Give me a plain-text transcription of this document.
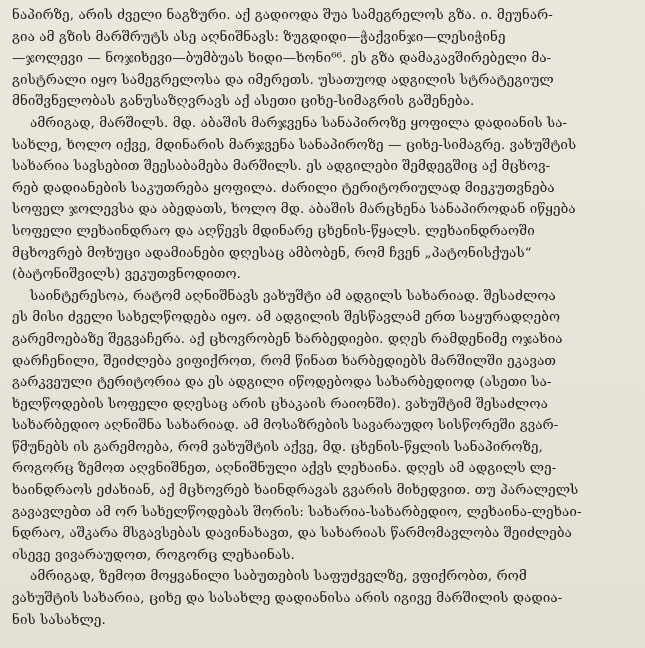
ნაპირზე, არის ძველი ნაგზური. აქ გადიოდა შუა სამეგრელოს გზა. ი. მეუნარ-
გია ამ გზის მარშრუტს ასე აღნიშნავს: ზუგდიდი—ჭაქვინჯი—ლესიჭინე
—ჯოლევი — ნოჯიხევი—ბუმბუას ხიდი—ხონი⁶⁶. ეს გზა დამაკავშირებელი მა-
გისტრალი იყო სამეგრელოსა და იმერეთს. უსათუოდ ადგილის სტრატეგიულ
მნიშვნელობას განუსაზღვრავს აქ ასეთი ციხე-სიმაგრის გაშენება.
ამრიგად, მარშილს. მდ. აბაშის მარჯვენა სანაპიროზე ყოფილა დადიანის სა-
სახლე, ხოლო იქვე, მდინარის მარჯვენა სანაპიროზე — ციხე-სიმაგრე. ვახუშტის
სახარია სავსებით შეესაბამება მარშილს. ეს ადგილები შემდეგშიც აქ მცხოვ-
რებ დადიანების საკუთრება ყოფილა. ძარილი ტერიტორიულად მიეკუთვნება
სოფელ ჯოლევსა და აბედათს, ხოლო მდ. აბაშის მარცხენა სანაპიროდან იწყება
სოფელი ლეხაინდრაო და აღწევს მდინარე ცხენის-წყალს. ლეხაინდრაოში
მცხოვრებ მოხუცი ადამიანები დღესაც ამბობენ, რომ ჩვენ „პატონისქუას“
(ბატონიშვილს) ვეკუთვნოდითო.
საინტერესოა, რატომ აღნიშნავს ვახუშტი ამ ადგილს სახარიად. შესაძლოა
ეს მისი ძველი სახელწოდება იყო. ამ ადგილის შესწავლამ ერთ საყურადღებო
გარემოებაზე შეგვაჩერა. აქ ცხოვრობენ ხარბედიები. დღეს რამდენიმე ოჯახია
დარჩენილი, შეიძლება ვიფიქროთ, რომ წინათ ხარბედიებს მარშილში ეკავათ
გარკვეული ტერიტორია და ეს ადგილი იწოდებოდა სახარბედიოდ (ასეთი სა-
ხელწოდების სოფელი დღესაც არის ცხაკაის რაიონში). ვახუშტიმ შესაძლოა
სახარბედიო აღნიშნა სახარიად. ამ მოსაზრების სავარაუდო სისწორეში გვარ-
წმუნებს ის გარემოება, რომ ვახუშტის აქვე, მდ. ცხენის-წყლის სანაპიროზე,
როგორც ზემოთ აღვნიშნეთ, აღნიშნული აქვს ლეხაინა. დღეს ამ ადგილს ლე-
ხაინდრაოს ეძახიან, აქ მცხოვრებ ხაინდრავას გვარის მიხედვით. თუ პარალელს
გავავლებთ ამ ორ სახელწოდებას შორის: სახარია-სახარბედიო, ლეხაინა-ლეხაი-
ნდრაო, აშკარა მსგავსებას დავინახავთ, და სახარიას წარმომავლობა შეიძლება
ისევე ვივარაუდოთ, როგორც ლეხაინას.
ამრიგად, ზემოთ მოყვანილი საბუთების საფუძველზე, ვფიქრობთ, რომ
ვახუშტის სახარია, ციხე და სასახლე დადიანისა არის იგივე მარშილის დადია-
ნის სასახლე.
